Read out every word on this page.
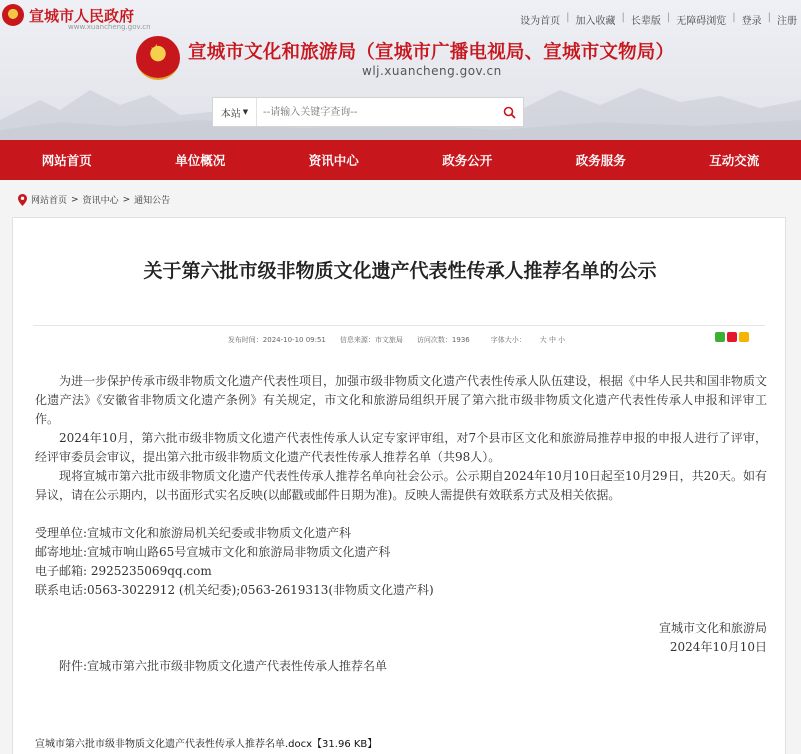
宣城市人民政府
www.xuancheng.gov.cn	设为首页 | 加入收藏 | 长辈版 | 无障碍浏览 | 登录 | 注册
★
宣城市文化和旅游局（宣城市广播电视局、宣城市文物局）
wlj.xuancheng.gov.cn
本站 ▼
--请输入关键字查询--
网站首页	单位概况	资讯中心	政务公开	政务服务	互动交流
网站首页 > 资讯中心 > 通知公告
关于第六批市级非物质文化遗产代表性传承人推荐名单的公示
发布时间：2024-10-10 09:51 信息来源：市文旅局 访问次数：1936	字体大小： 大 中 小

为进一步保护传承市级非物质文化遗产代表性项目，加强市级非物质文化遗产代表性传承人队伍建设，根据《中华人民共和国非物质文化遗产法》《安徽省非物质文化遗产条例》有关规定，市文化和旅游局组织开展了第六批市级非物质文化遗产代表性传承人申报和评审工作。

2024年10月，第六批市级非物质文化遗产代表性传承人认定专家评审组，对7个县市区文化和旅游局推荐申报的申报人进行了评审，经评审委员会审议，提出第六批市级非物质文化遗产代表性传承人推荐名单（共98人）。

现将宣城市第六批市级非物质文化遗产代表性传承人推荐名单向社会公示。公示期自2024年10月10日起至10月29日，共20天。如有异议，请在公示期内，以书面形式实名反映(以邮戳或邮件日期为准)。反映人需提供有效联系方式及相关依据。

受理单位:宣城市文化和旅游局机关纪委或非物质文化遗产科

邮寄地址:宣城市响山路65号宣城市文化和旅游局非物质文化遗产科

电子邮箱: 2925235069qq.com

联系电话:0563-3022912 (机关纪委);0563-2619313(非物质文化遗产科)

宣城市文化和旅游局

2024年10月10日

附件:宣城市第六批市级非物质文化遗产代表性传承人推荐名单

宣城市第六批市级非物质文化遗产代表性传承人推荐名单.docx【31.96 KB】
